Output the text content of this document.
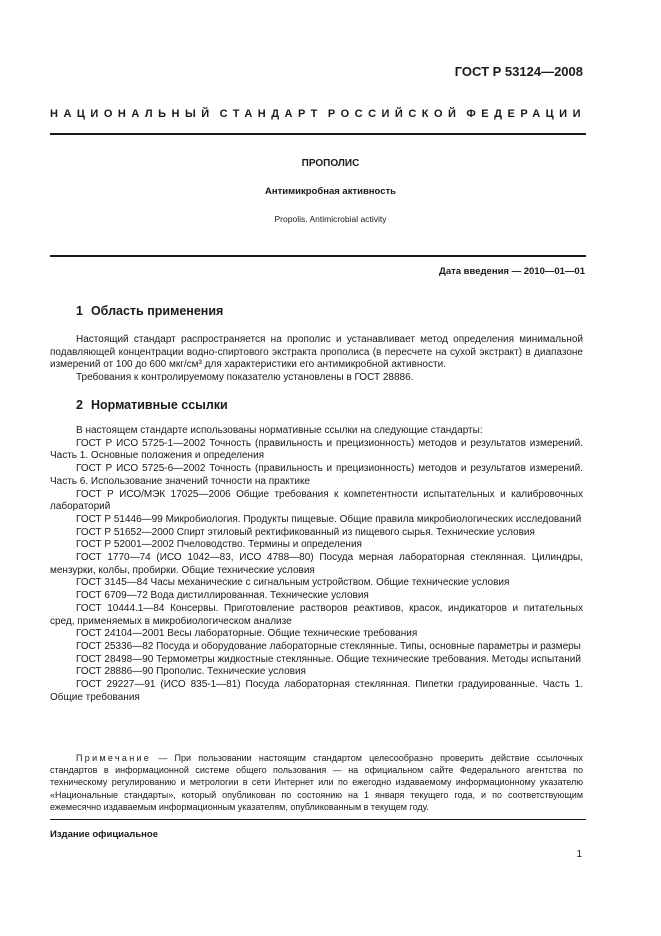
ГОСТ Р 53124—2008
НАЦИОНАЛЬНЫЙ СТАНДАРТ РОССИЙСКОЙ ФЕДЕРАЦИИ
ПРОПОЛИС
Антимикробная активность
Propolis. Antimicrobial activity
Дата введения — 2010—01—01
1 Область применения

Настоящий стандарт распространяется на прополис и устанавливает метод определения минимальной подавляющей концентрации водно-спиртового экстракта прополиса (в пересчете на сухой экстракт) в диапазоне измерений от 100 до 600 мкг/см³ для характеристики его антимикробной активности.

Требования к контролируемому показателю установлены в ГОСТ 28886.

2 Нормативные ссылки

В настоящем стандарте использованы нормативные ссылки на следующие стандарты:

ГОСТ Р ИСО 5725-1—2002 Точность (правильность и прецизионность) методов и результатов измерений. Часть 1. Основные положения и определения

ГОСТ Р ИСО 5725-6—2002 Точность (правильность и прецизионность) методов и результатов измерений. Часть 6. Использование значений точности на практике

ГОСТ Р ИСО/МЭК 17025—2006 Общие требования к компетентности испытательных и калибровочных лабораторий

ГОСТ Р 51446—99 Микробиология. Продукты пищевые. Общие правила микробиологических исследований

ГОСТ Р 51652—2000 Спирт этиловый ректификованный из пищевого сырья. Технические условия

ГОСТ Р 52001—2002 Пчеловодство. Термины и определения

ГОСТ 1770—74 (ИСО 1042—83, ИСО 4788—80) Посуда мерная лабораторная стеклянная. Цилиндры, мензурки, колбы, пробирки. Общие технические условия

ГОСТ 3145—84 Часы механические с сигнальным устройством. Общие технические условия

ГОСТ 6709—72 Вода дистиллированная. Технические условия

ГОСТ 10444.1—84 Консервы. Приготовление растворов реактивов, красок, индикаторов и питательных сред, применяемых в микробиологическом анализе

ГОСТ 24104—2001 Весы лабораторные. Общие технические требования

ГОСТ 25336—82 Посуда и оборудование лабораторные стеклянные. Типы, основные параметры и размеры

ГОСТ 28498—90 Термометры жидкостные стеклянные. Общие технические требования. Методы испытаний

ГОСТ 28886—90 Прополис. Технические условия

ГОСТ 29227—91 (ИСО 835-1—81) Посуда лабораторная стеклянная. Пипетки градуированные. Часть 1. Общие требования

Примечание — При пользовании настоящим стандартом целесообразно проверить действие ссылочных стандартов в информационной системе общего пользования — на официальном сайте Федерального агентства по техническому регулированию и метрологии в сети Интернет или по ежегодно издаваемому информационному указателю «Национальные стандарты», который опубликован по состоянию на 1 января текущего года, и по соответствующим ежемесячно издаваемым информационным указателям, опубликованным в текущем году.

Издание официальное
1
